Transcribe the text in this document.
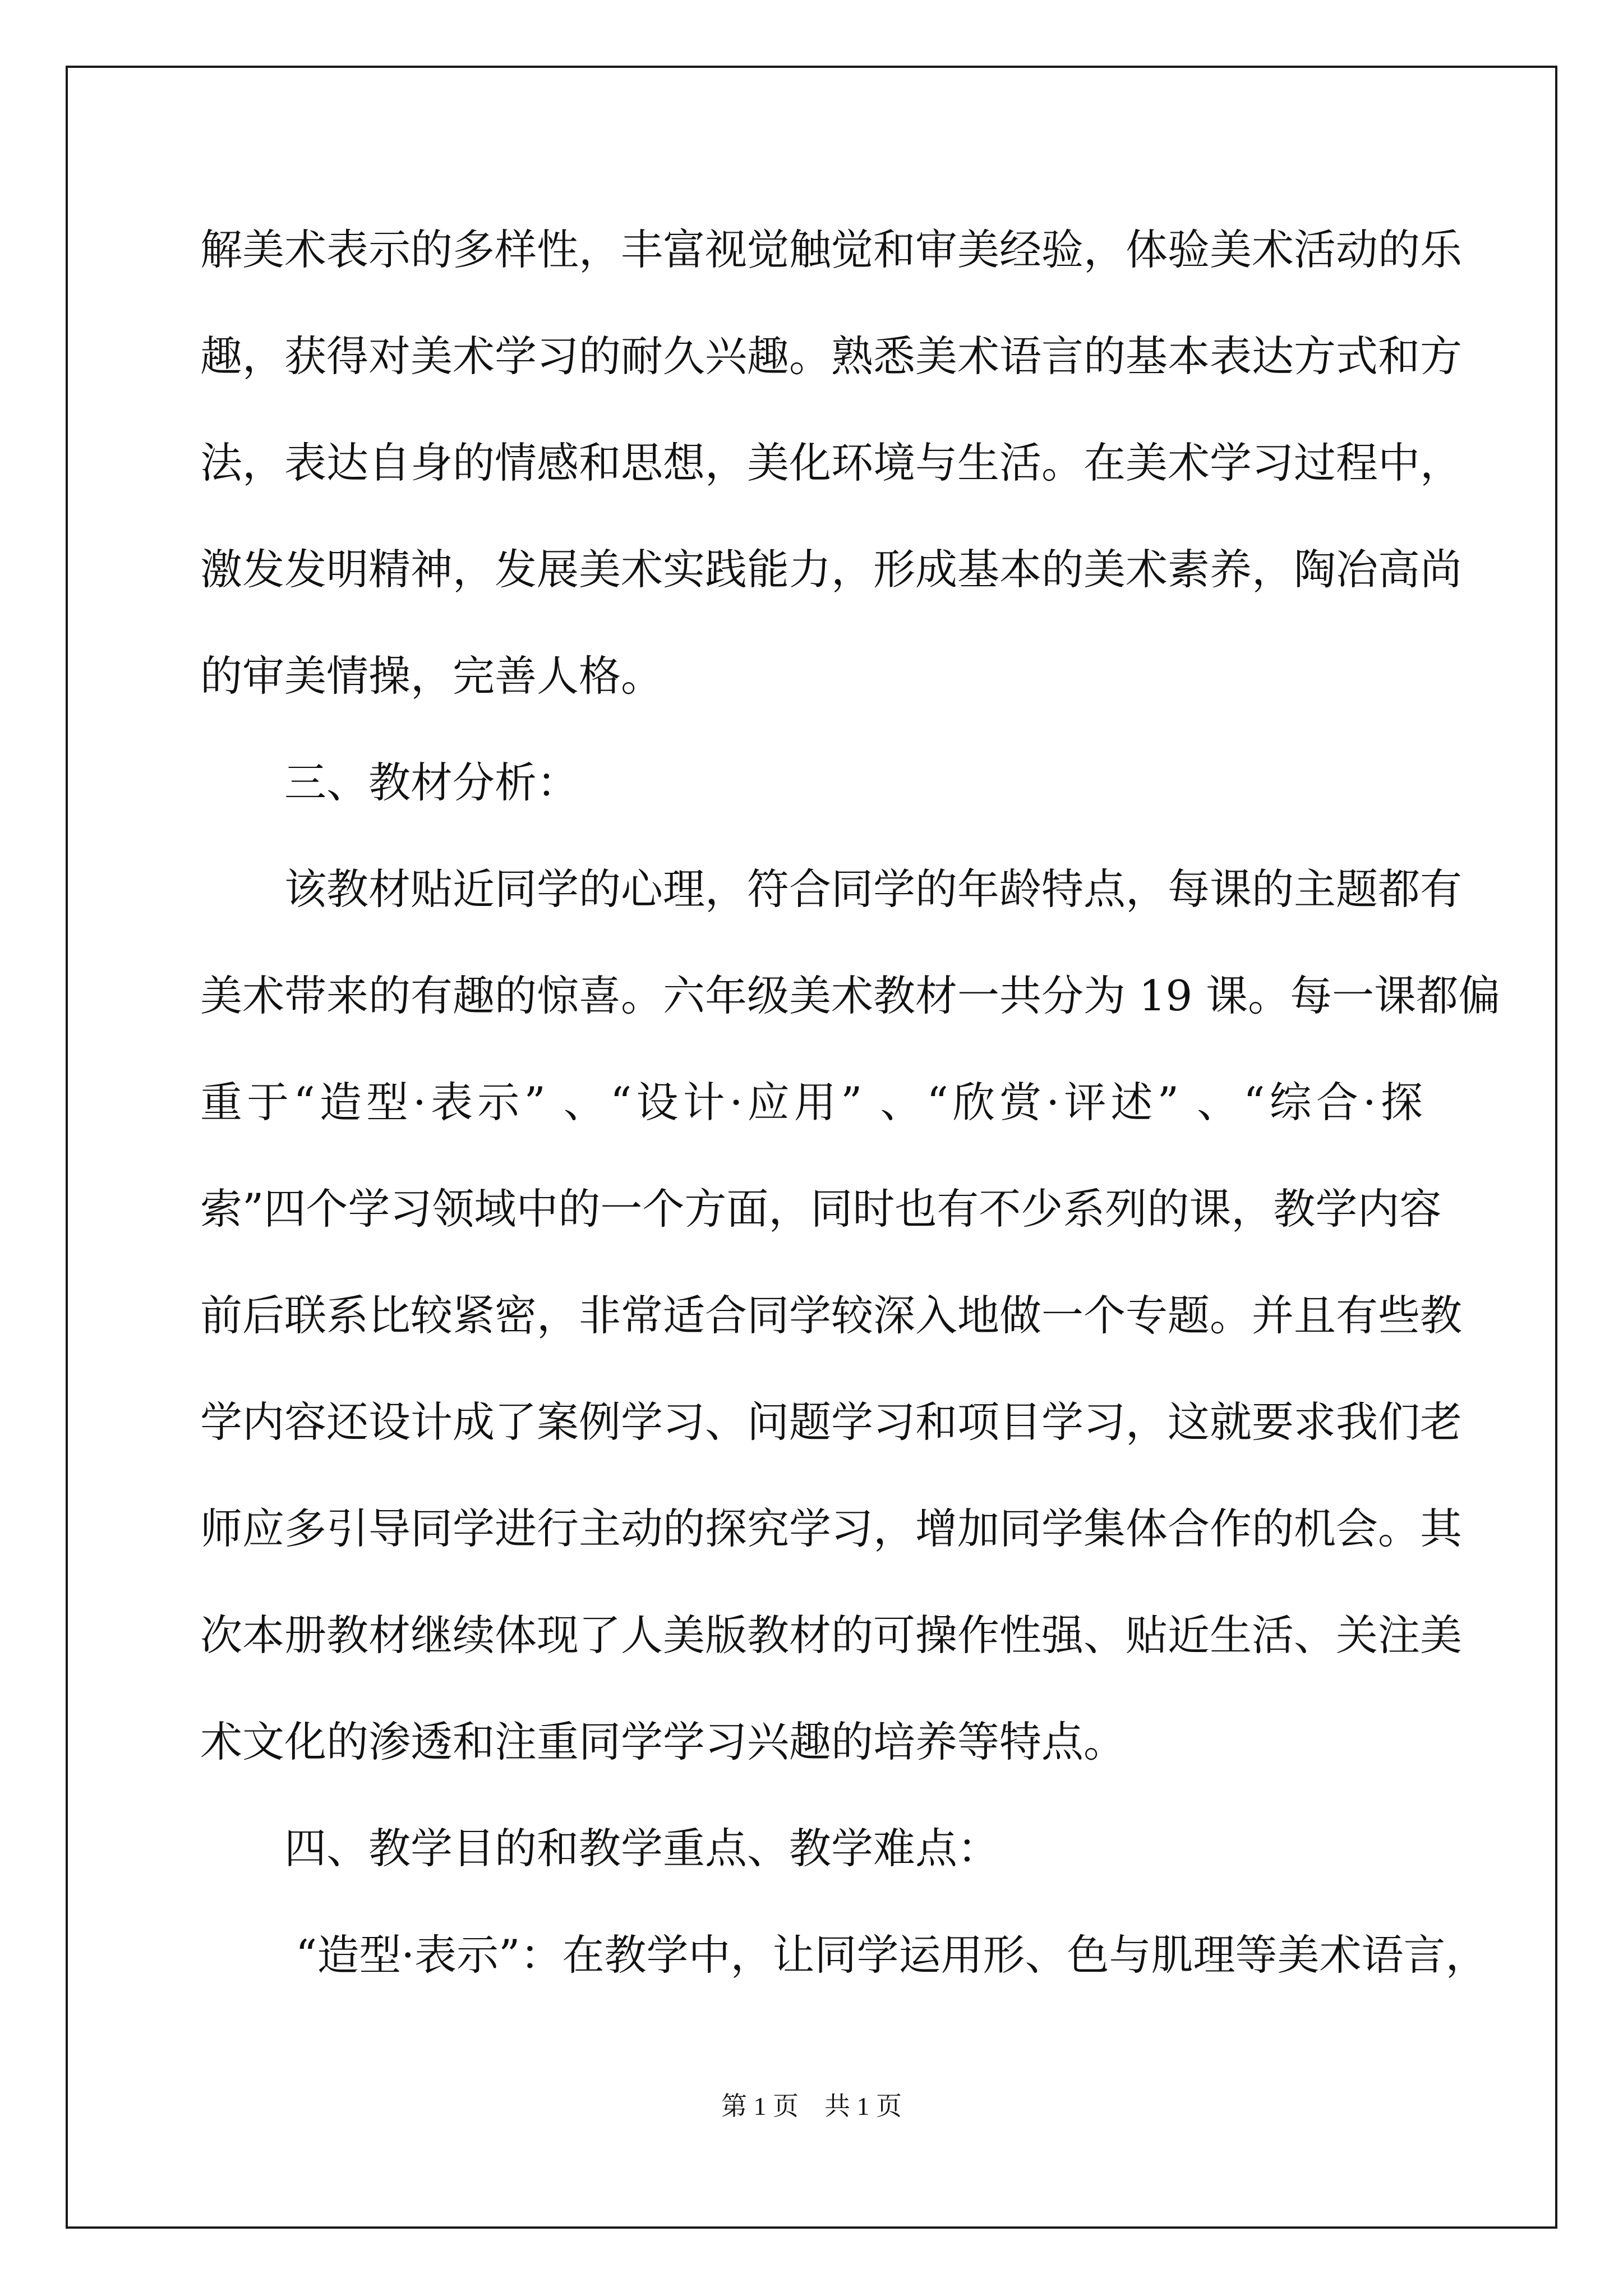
解美术表示的多样性，丰富视觉触觉和审美经验，体验美术活动的乐
趣，获得对美术学习的耐久兴趣。熟悉美术语言的基本表达方式和方
法，表达自身的情感和思想，美化环境与生活。在美术学习过程中，
激发发明精神，发展美术实践能力，形成基本的美术素养，陶冶高尚
的审美情操，完善人格。
三、教材分析：
该教材贴近同学的心理，符合同学的年龄特点，每课的主题都有
美术带来的有趣的惊喜。六年级美术教材一共分为 19 课。每一课都偏
重于“造型·表示” 、“设计·应用” 、“欣赏·评述” 、“综合·探
索”四个学习领域中的一个方面，同时也有不少系列的课，教学内容
前后联系比较紧密，非常适合同学较深入地做一个专题。并且有些教
学内容还设计成了案例学习、问题学习和项目学习，这就要求我们老
师应多引导同学进行主动的探究学习，增加同学集体合作的机会。其
次本册教材继续体现了人美版教材的可操作性强、贴近生活、关注美
术文化的渗透和注重同学学习兴趣的培养等特点。
四、教学目的和教学重点、教学难点：
“造型·表示”：在教学中，让同学运用形、色与肌理等美术语言，
第 1 页 共 1 页
